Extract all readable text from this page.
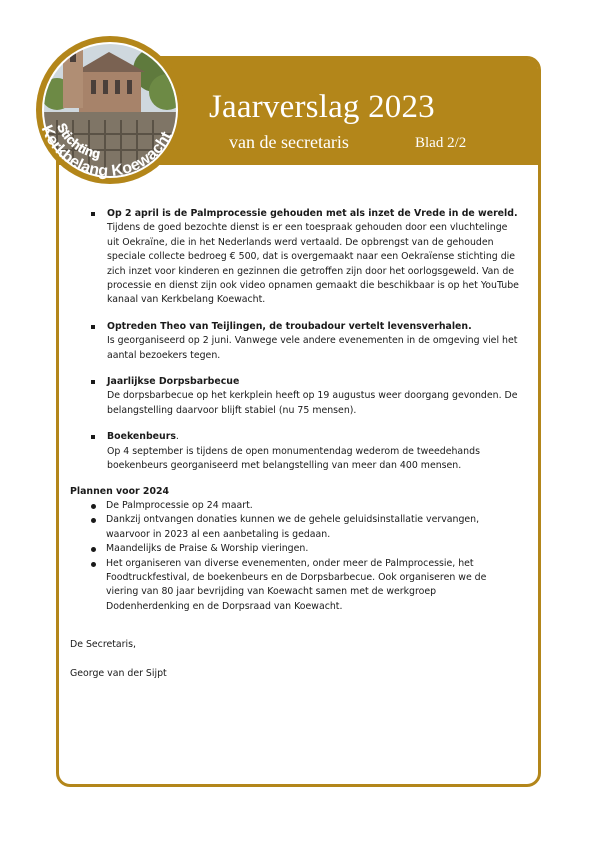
Jaarverslag 2023
van de secretaris	Blad 2/2
Stichting
Kerkbelang Koewacht
Op 2 april is de Palmprocessie gehouden met als inzet de Vrede in de wereld.
Tijdens de goed bezochte dienst is er een toespraak gehouden door een vluchtelinge uit Oekraïne, die in het Nederlands werd vertaald. De opbrengst van de gehouden speciale collecte bedroeg € 500, dat is overgemaakt naar een Oekraïense stichting die zich inzet voor kinderen en gezinnen die getroffen zijn door het oorlogsgeweld. Van de processie en dienst zijn ook video opnamen gemaakt die beschikbaar is op het YouTube kanaal van Kerkbelang Koewacht.
Optreden Theo van Teijlingen, de troubadour vertelt levensverhalen.
Is georganiseerd op 2 juni. Vanwege vele andere evenementen in de omgeving viel het aantal bezoekers tegen.
Jaarlijkse Dorpsbarbecue
De dorpsbarbecue op het kerkplein heeft op 19 augustus weer doorgang gevonden. De belangstelling daarvoor blijft stabiel (nu 75 mensen).
Boekenbeurs.
Op 4 september is tijdens de open monumentendag wederom de tweedehands boekenbeurs georganiseerd met belangstelling van meer dan 400 mensen.
Plannen voor 2024
De Palmprocessie op 24 maart.
Dankzij ontvangen donaties kunnen we de gehele geluidsinstallatie vervangen, waarvoor in 2023 al een aanbetaling is gedaan.
Maandelijks de Praise & Worship vieringen.
Het organiseren van diverse evenementen, onder meer de Palmprocessie, het Foodtruckfestival, de boekenbeurs en de Dorpsbarbecue. Ook organiseren we de viering van 80 jaar bevrijding van Koewacht samen met de werkgroep Dodenherdenking en de Dorpsraad van Koewacht.
De Secretaris,
George van der Sijpt
